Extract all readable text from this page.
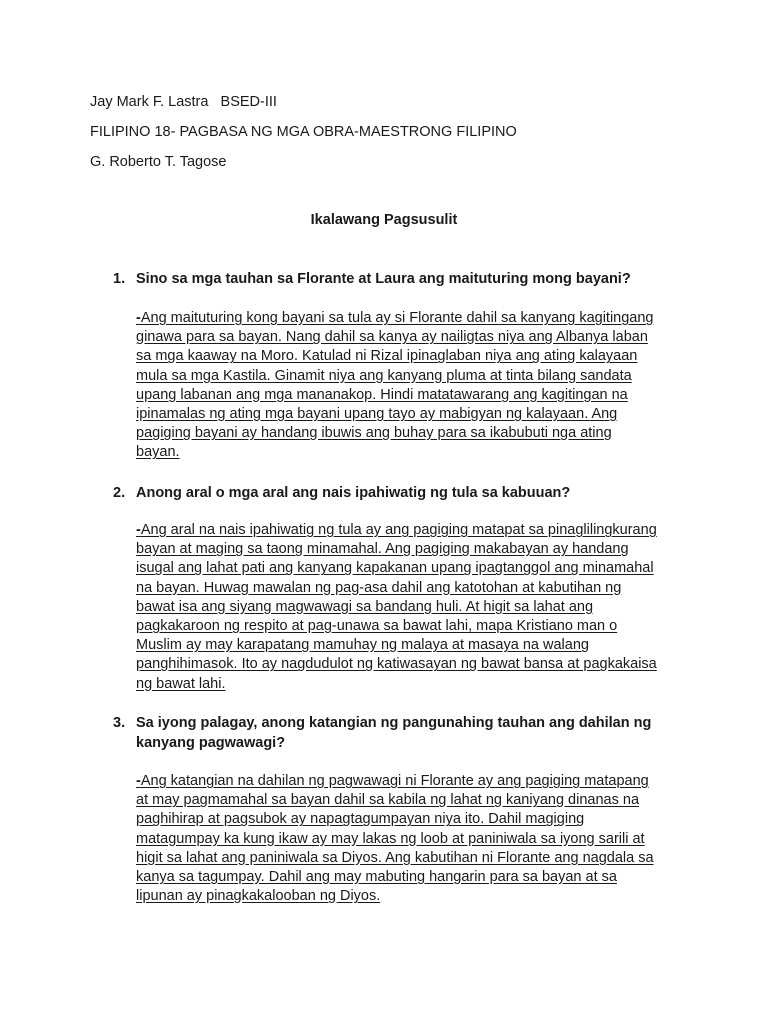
Jay Mark F. Lastra   BSED-III
FILIPINO 18- PAGBASA NG MGA OBRA-MAESTRONG FILIPINO
G. Roberto T. Tagose
Ikalawang Pagsusulit
1. Sino sa mga tauhan sa Florante at Laura ang maituturing mong bayani?
-Ang maituturing kong bayani sa tula ay si Florante dahil sa kanyang kagitingang
ginawa para sa bayan. Nang dahil sa kanya ay nailigtas niya ang Albanya laban
sa mga kaaway na Moro. Katulad ni Rizal ipinaglaban niya ang ating kalayaan
mula sa mga Kastila. Ginamit niya ang kanyang pluma at tinta bilang sandata
upang labanan ang mga mananakop. Hindi matatawarang ang kagitingan na
ipinamalas ng ating mga bayani upang tayo ay mabigyan ng kalayaan. Ang
pagiging bayani ay handang ibuwis ang buhay para sa ikabubuti nga ating
bayan.
2. Anong aral o mga aral ang nais ipahiwatig ng tula sa kabuuan?
-Ang aral na nais ipahiwatig ng tula ay ang pagiging matapat sa pinaglilingkurang
bayan at maging sa taong minamahal. Ang pagiging makabayan ay handang
isugal ang lahat pati ang kanyang kapakanan upang ipagtanggol ang minamahal
na bayan. Huwag mawalan ng pag-asa dahil ang katotohan at kabutihan ng
bawat isa ang siyang magwawagi sa bandang huli. At higit sa lahat ang
pagkakaroon ng respito at pag-unawa sa bawat lahi, mapa Kristiano man o
Muslim ay may karapatang mamuhay ng malaya at masaya na walang
panghihimasok. Ito ay nagdudulot ng katiwasayan ng bawat bansa at pagkakaisa
ng bawat lahi.
3. Sa iyong palagay, anong katangian ng pangunahing tauhan ang dahilan ng kanyang pagwawagi?
-Ang katangian na dahilan ng pagwawagi ni Florante ay ang pagiging matapang
at may pagmamahal sa bayan dahil sa kabila ng lahat ng kaniyang dinanas na
paghihirap at pagsubok ay napagtagumpayan niya ito. Dahil magiging
matagumpay ka kung ikaw ay may lakas ng loob at paniniwala sa iyong sarili at
higit sa lahat ang paniniwala sa Diyos. Ang kabutihan ni Florante ang nagdala sa
kanya sa tagumpay. Dahil ang may mabuting hangarin para sa bayan at sa
lipunan ay pinagkakalooban ng Diyos.
